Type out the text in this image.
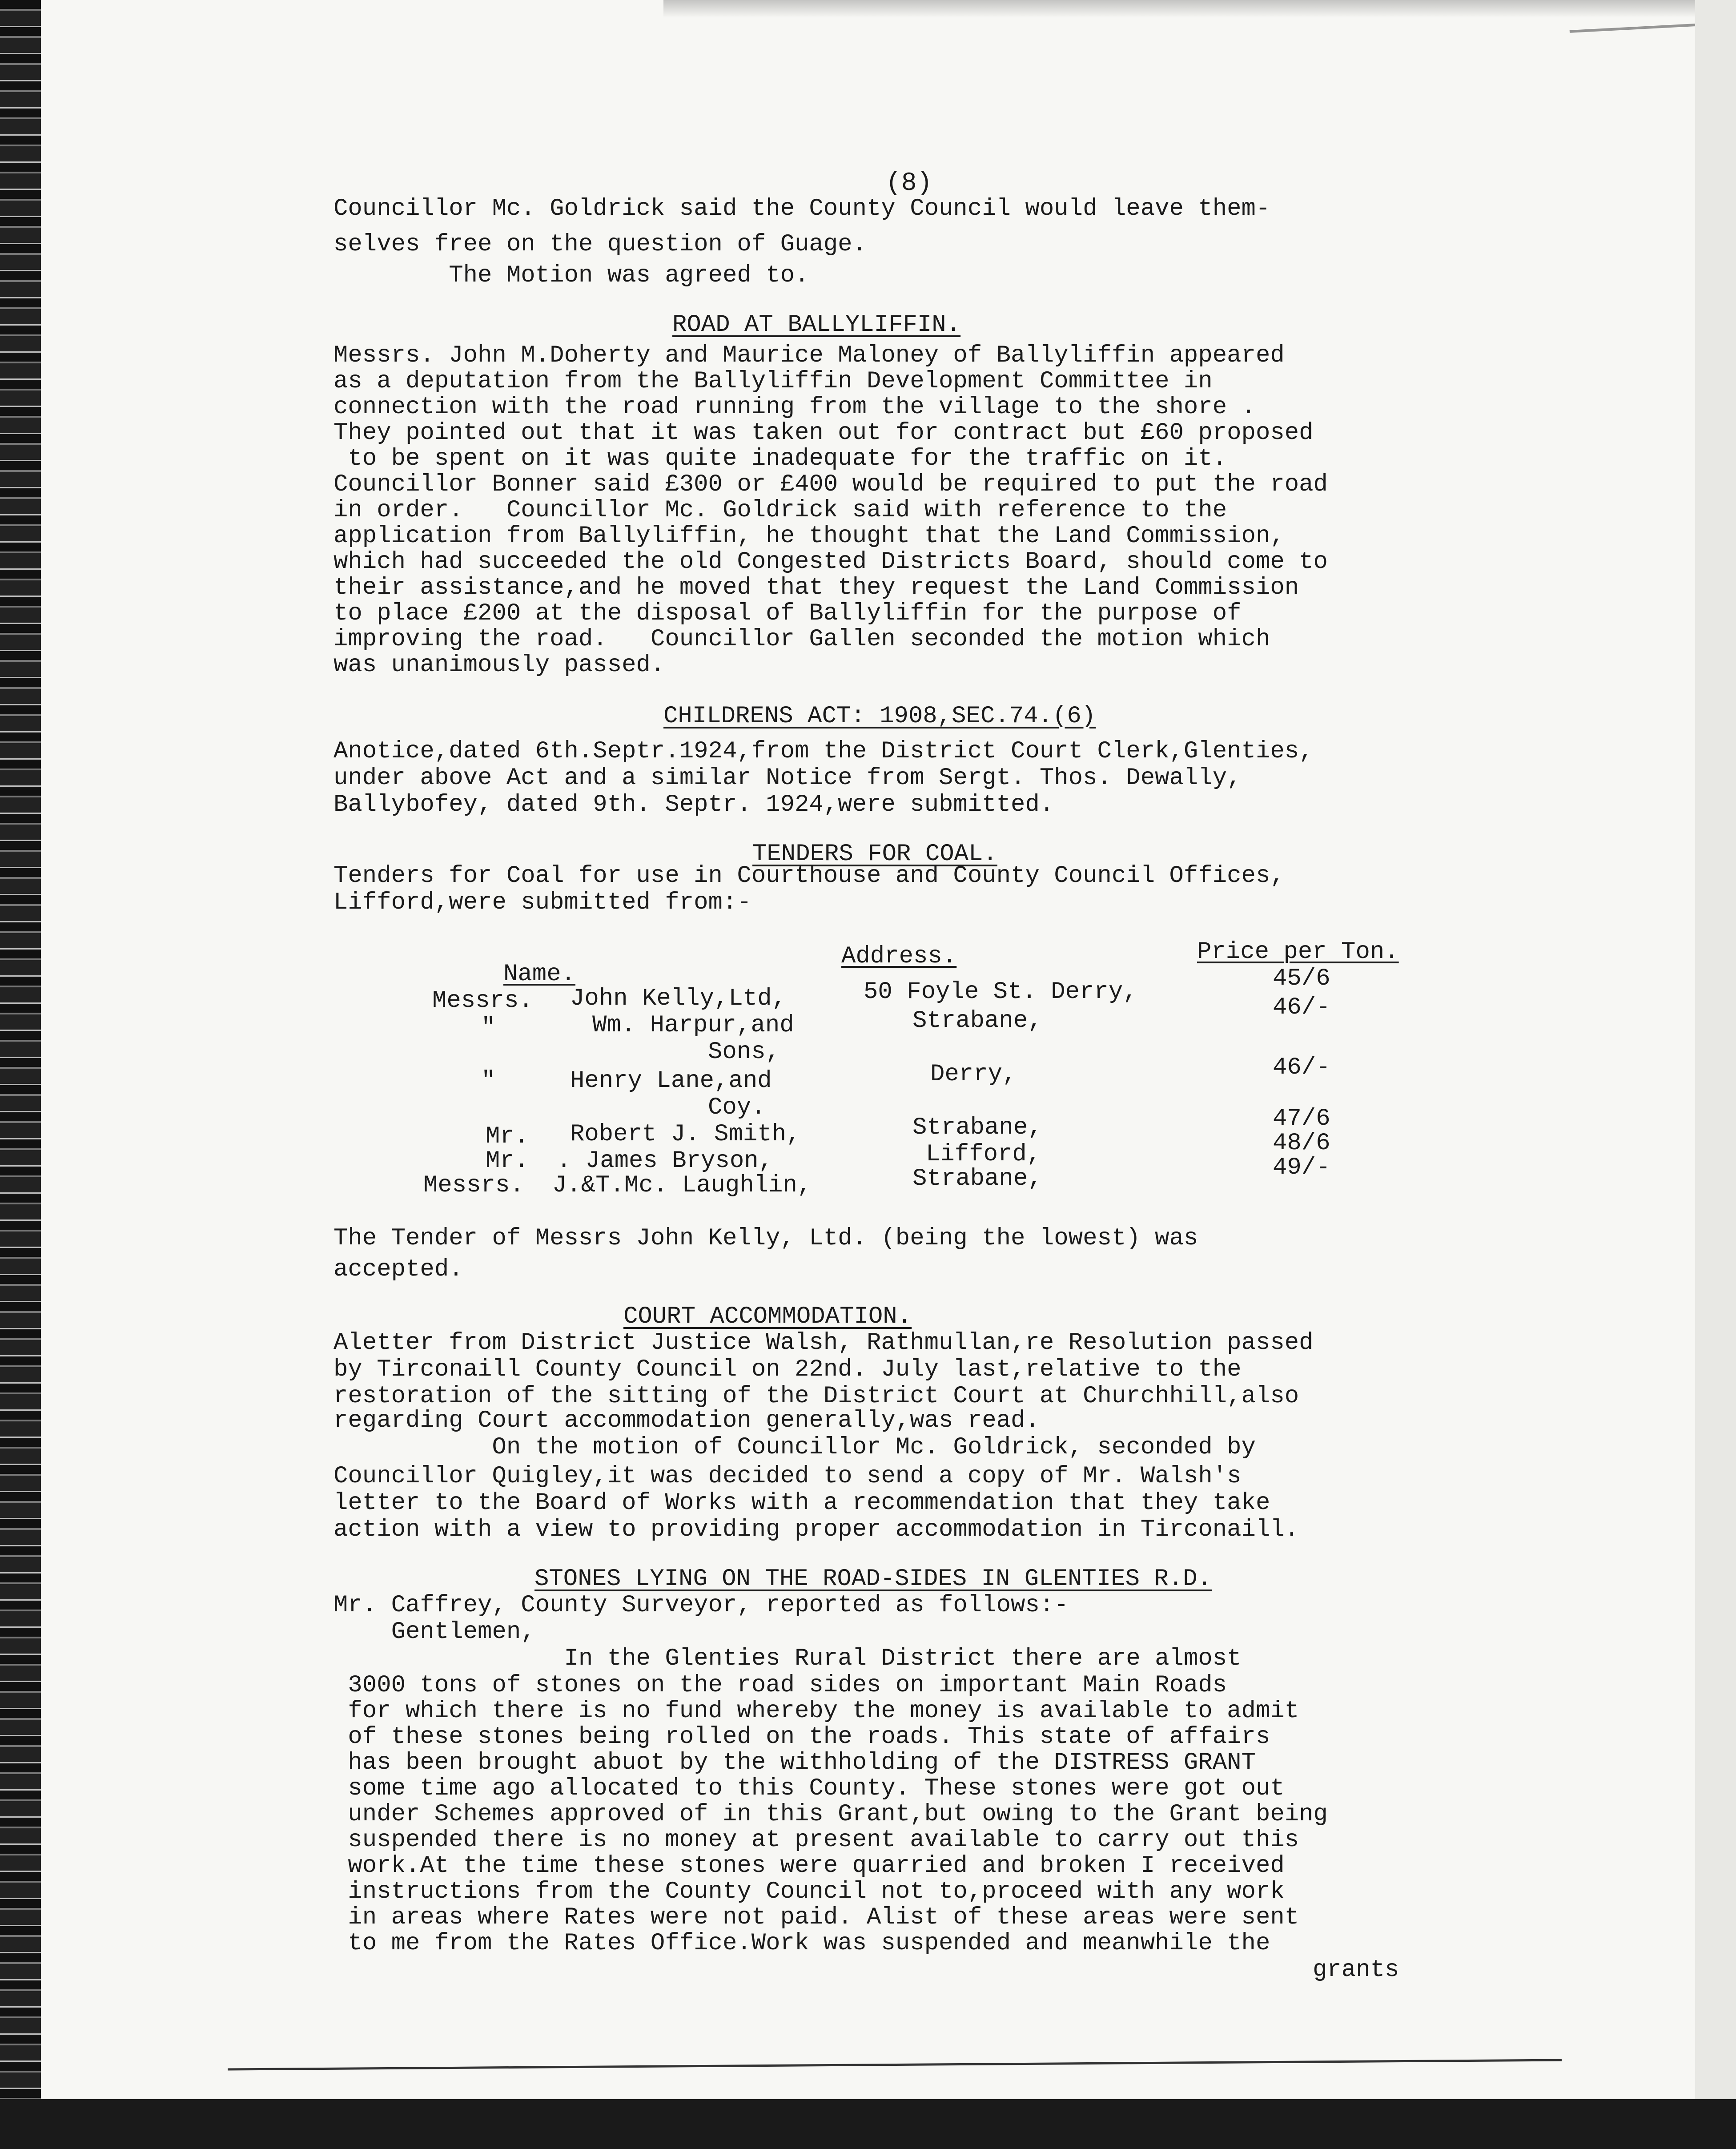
(8)
Councillor Mc. Goldrick said the County Council would leave them-
selves free on the question of Guage.
The Motion was agreed to.
ROAD AT BALLYLIFFIN.
Messrs. John M.Doherty and Maurice Maloney of Ballyliffin appeared
as a deputation from the Ballyliffin Development Committee in
connection with the road running from the village to the shore .
They pointed out that it was taken out for contract but £60 proposed
to be spent on it was quite inadequate for the traffic on it.
Councillor Bonner said £300 or £400 would be required to put the road
in order.   Councillor Mc. Goldrick said with reference to the
application from Ballyliffin, he thought that the Land Commission,
which had succeeded the old Congested Districts Board, should come to
their assistance,and he moved that they request the Land Commission
to place £200 at the disposal of Ballyliffin for the purpose of
improving the road.   Councillor Gallen seconded the motion which
was unanimously passed.
CHILDRENS ACT: 1908,SEC.74.(6)
Anotice,dated 6th.Septr.1924,from the District Court Clerk,Glenties,
under above Act and a similar Notice from Sergt. Thos. Dewally,
Ballybofey, dated 9th. Septr. 1924,were submitted.
TENDERS FOR COAL.
Tenders for Coal for use in Courthouse and County Council Offices,
Lifford,were submitted from:-
Name.
Address.	Price per Ton.
Messrs. John Kelly,Ltd,	50 Foyle St. Derry,	45/6
"	Wm. Harpur,and
Sons,
Strabane,	46/-
"	Henry Lane,and
Coy.
Derry,	46/-
Mr. Robert J. Smith,	Strabane,	47/6
Mr. . James Bryson,	Lifford,	48/6
Messrs. J.&T.Mc. Laughlin,	Strabane,	49/-
The Tender of Messrs John Kelly, Ltd. (being the lowest) was
accepted.
COURT ACCOMMODATION.
Aletter from District Justice Walsh, Rathmullan,re Resolution passed
by Tirconaill County Council on 22nd. July last,relative to the
restoration of the sitting of the District Court at Churchhill,also
regarding Court accommodation generally,was read.
On the motion of Councillor Mc. Goldrick, seconded by
Councillor Quigley,it was decided to send a copy of Mr. Walsh's
letter to the Board of Works with a recommendation that they take
action with a view to providing proper accommodation in Tirconaill.
STONES LYING ON THE ROAD-SIDES IN GLENTIES R.D.
Mr. Caffrey, County Surveyor, reported as follows:-
Gentlemen,
In the Glenties Rural District there are almost
3000 tons of stones on the road sides on important Main Roads
for which there is no fund whereby the money is available to admit
of these stones being rolled on the roads. This state of affairs
has been brought abuot by the withholding of the DISTRESS GRANT
some time ago allocated to this County. These stones were got out
under Schemes approved of in this Grant,but owing to the Grant being
suspended there is no money at present available to carry out this
work.At the time these stones were quarried and broken I received
instructions from the County Council not to,proceed with any work
in areas where Rates were not paid. Alist of these areas were sent
to me from the Rates Office.Work was suspended and meanwhile the
grants
